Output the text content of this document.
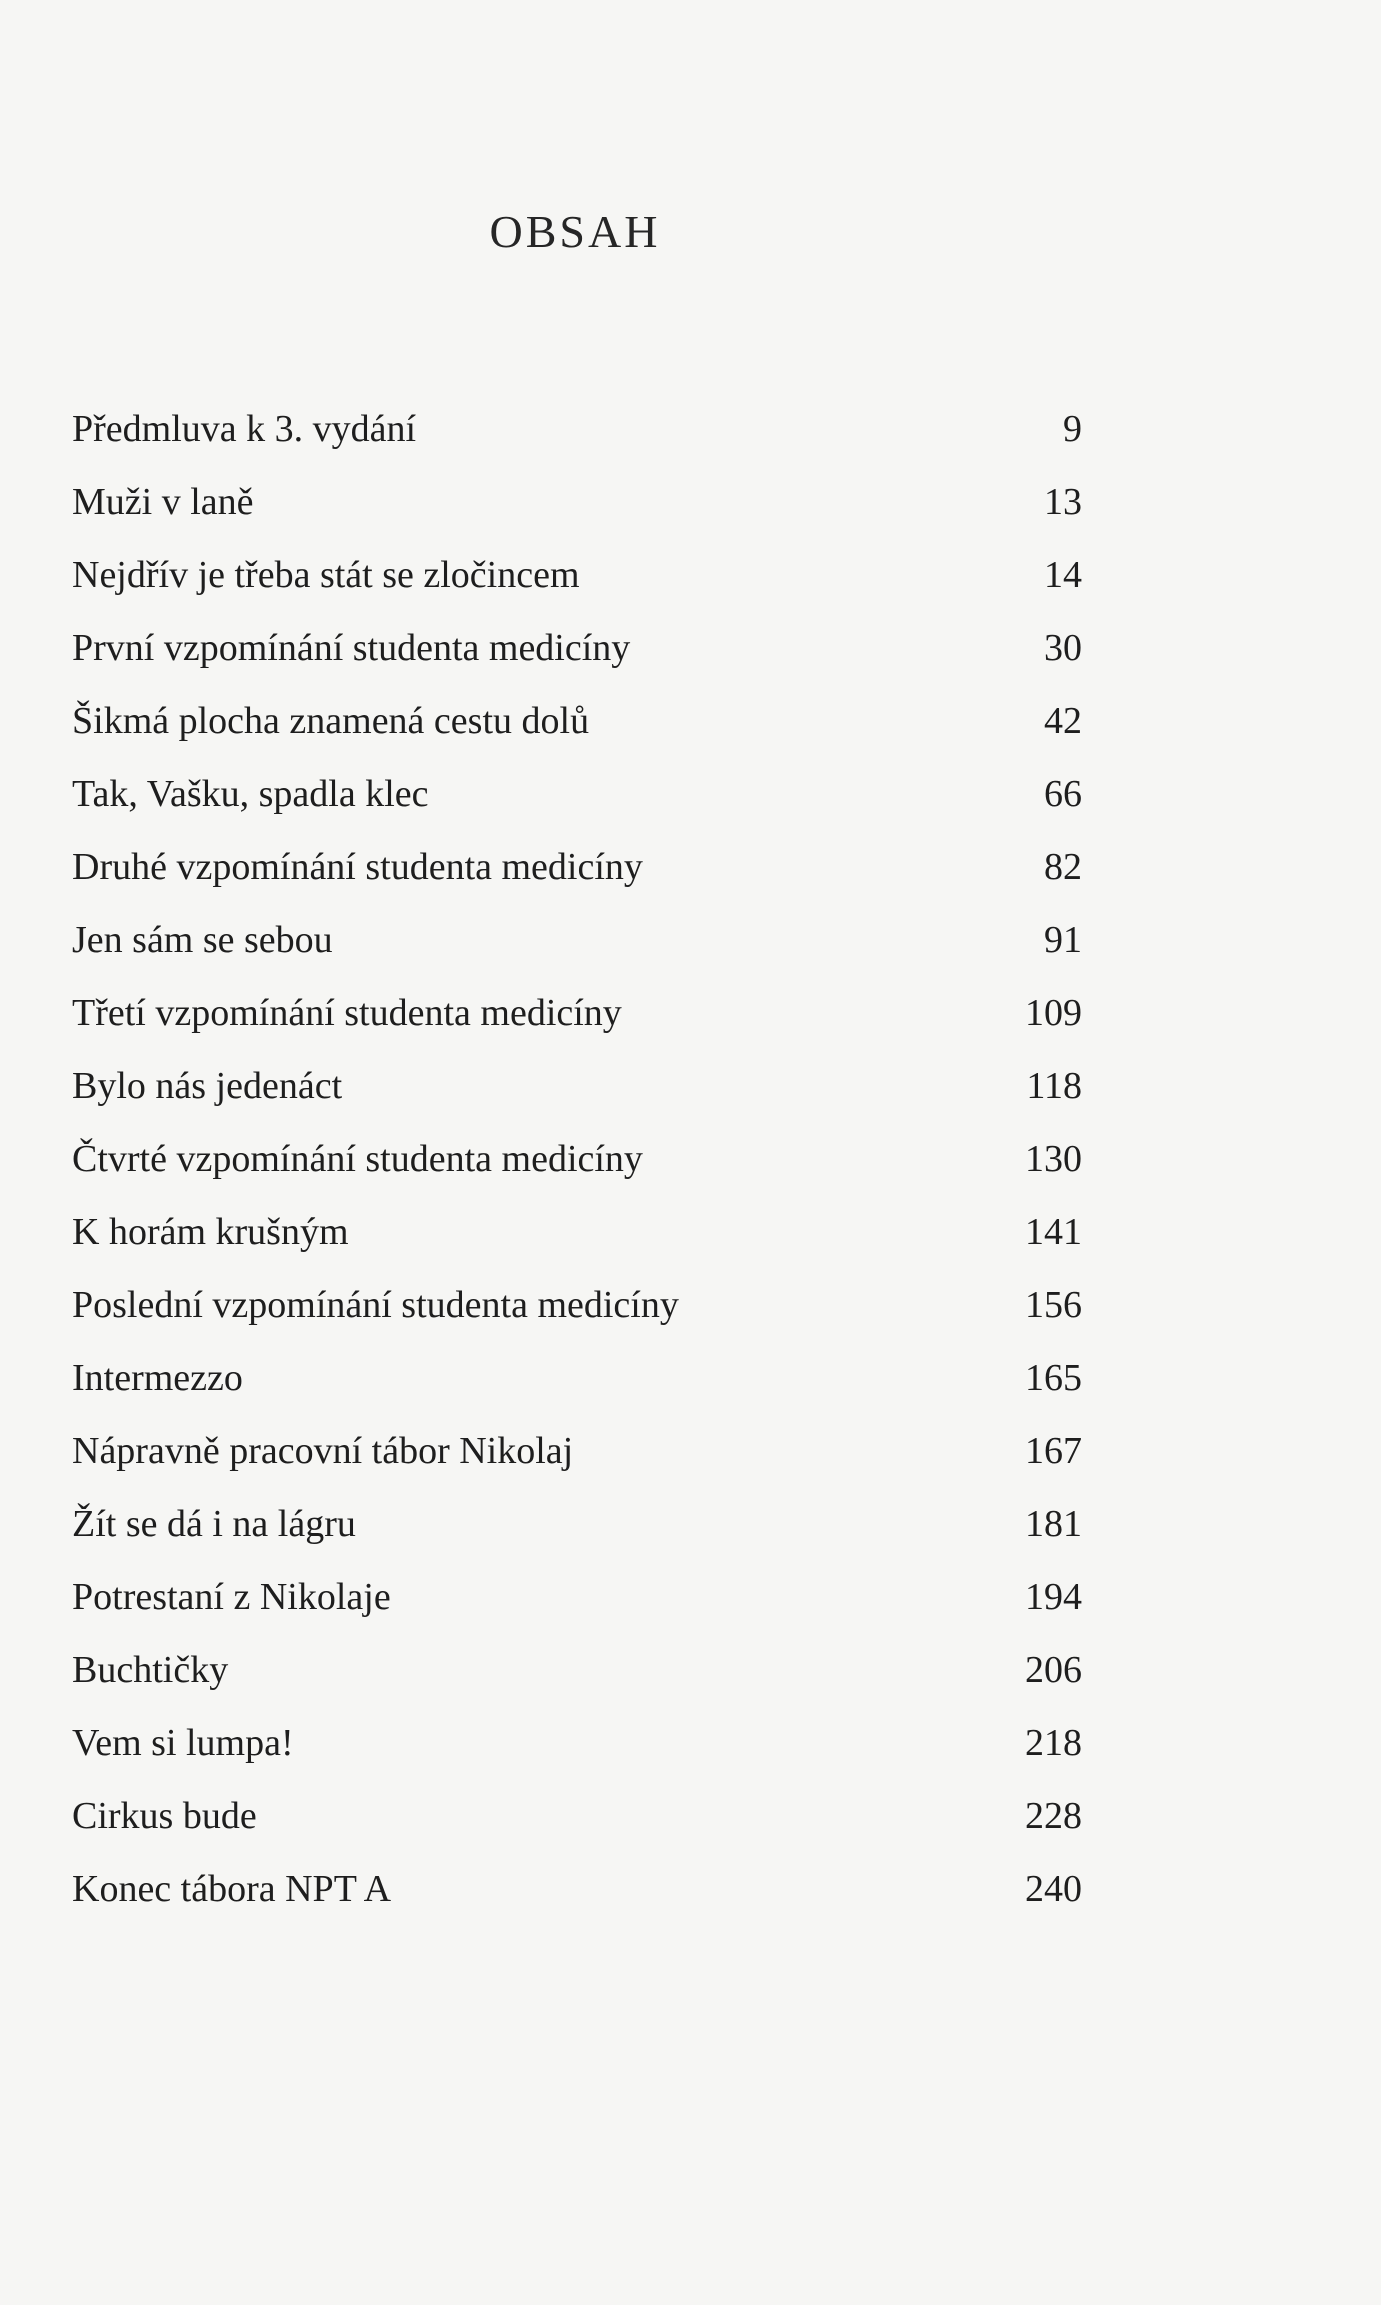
OBSAH
Předmluva k 3. vydání	9
Muži v laně	13
Nejdřív je třeba stát se zločincem	14
První vzpomínání studenta medicíny	30
Šikmá plocha znamená cestu dolů	42
Tak, Vašku, spadla klec	66
Druhé vzpomínání studenta medicíny	82
Jen sám se sebou	91
Třetí vzpomínání studenta medicíny	109
Bylo nás jedenáct	118
Čtvrté vzpomínání studenta medicíny	130
K horám krušným	141
Poslední vzpomínání studenta medicíny	156
Intermezzo	165
Nápravně pracovní tábor Nikolaj	167
Žít se dá i na lágru	181
Potrestaní z Nikolaje	194
Buchtičky	206
Vem si lumpa!	218
Cirkus bude	228
Konec tábora NPT A	240
